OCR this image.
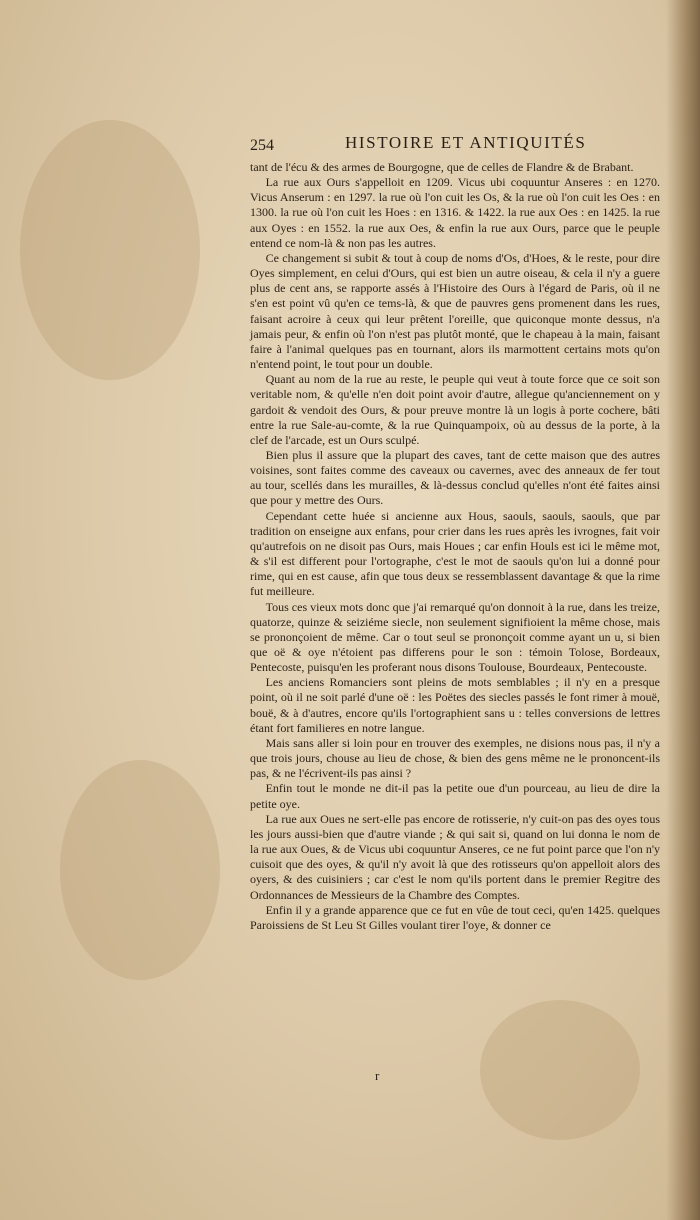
254	HISTOIRE ET ANTIQUITÉS

tant de l'écu & des armes de Bourgogne, que de celles de Flandre & de Brabant.

La rue aux Ours s'appelloit en 1209. Vicus ubi coquuntur Anseres : en 1270. Vicus Anserum : en 1297. la rue où l'on cuit les Os, & la rue où l'on cuit les Oes : en 1300. la rue où l'on cuit les Hoes : en 1316. & 1422. la rue aux Oes : en 1425. la rue aux Oyes : en 1552. la rue aux Oes, & enfin la rue aux Ours, parce que le peuple entend ce nom-là & non pas les autres.

Ce changement si subit & tout à coup de noms d'Os, d'Hoes, & le reste, pour dire Oyes simplement, en celui d'Ours, qui est bien un autre oiseau, & cela il n'y a guere plus de cent ans, se rapporte assés à l'Histoire des Ours à l'égard de Paris, où il ne s'en est point vû qu'en ce tems-là, & que de pauvres gens promenent dans les rues, faisant acroire à ceux qui leur prêtent l'oreille, que quiconque monte dessus, n'a jamais peur, & enfin où l'on n'est pas plutôt monté, que le chapeau à la main, faisant faire à l'animal quelques pas en tournant, alors ils marmottent certains mots qu'on n'entend point, le tout pour un double.

Quant au nom de la rue au reste, le peuple qui veut à toute force que ce soit son veritable nom, & qu'elle n'en doit point avoir d'autre, allegue qu'anciennement on y gardoit & vendoit des Ours, & pour preuve montre là un logis à porte cochere, bâti entre la rue Sale-au-comte, & la rue Quinquampoix, où au dessus de la porte, à la clef de l'arcade, est un Ours sculpé.

Bien plus il assure que la plupart des caves, tant de cette maison que des autres voisines, sont faites comme des caveaux ou cavernes, avec des anneaux de fer tout au tour, scellés dans les murailles, & là-dessus conclud qu'elles n'ont été faites ainsi que pour y mettre des Ours.

Cependant cette huée si ancienne aux Hous, saouls, saouls, saouls, que par tradition on enseigne aux enfans, pour crier dans les rues après les ivrognes, fait voir qu'autrefois on ne disoit pas Ours, mais Houes ; car enfin Houls est ici le même mot, & s'il est different pour l'ortographe, c'est le mot de saouls qu'on lui a donné pour rime, qui en est cause, afin que tous deux se ressemblassent davantage & que la rime fut meilleure.

Tous ces vieux mots donc que j'ai remarqué qu'on donnoit à la rue, dans les treize, quatorze, quinze & seiziéme siecle, non seulement signifioient la même chose, mais se prononçoient de même. Car o tout seul se prononçoit comme ayant un u, si bien que oë & oye n'étoient pas differens pour le son : témoin Tolose, Bordeaux, Pentecoste, puisqu'en les proferant nous disons Toulouse, Bourdeaux, Pentecouste.

Les anciens Romanciers sont pleins de mots semblables ; il n'y en a presque point, où il ne soit parlé d'une oë : les Poëtes des siecles passés le font rimer à mouë, bouë, & à d'autres, encore qu'ils l'ortographient sans u : telles conversions de lettres étant fort familieres en notre langue.

Mais sans aller si loin pour en trouver des exemples, ne disions nous pas, il n'y a que trois jours, chouse au lieu de chose, & bien des gens même ne le prononcent-ils pas, & ne l'écrivent-ils pas ainsi ?

Enfin tout le monde ne dit-il pas la petite oue d'un pourceau, au lieu de dire la petite oye.

La rue aux Oues ne sert-elle pas encore de rotisserie, n'y cuit-on pas des oyes tous les jours aussi-bien que d'autre viande ; & qui sait si, quand on lui donna le nom de la rue aux Oues, & de Vicus ubi coquuntur Anseres, ce ne fut point parce que l'on n'y cuisoit que des oyes, & qu'il n'y avoit là que des rotisseurs qu'on appelloit alors des oyers, & des cuisiniers ; car c'est le nom qu'ils portent dans le premier Regitre des Ordonnances de Messieurs de la Chambre des Comptes.

Enfin il y a grande apparence que ce fut en vûe de tout ceci, qu'en 1425. quelques Paroissiens de St Leu St Gilles voulant tirer l'oye, & donner ce

r
